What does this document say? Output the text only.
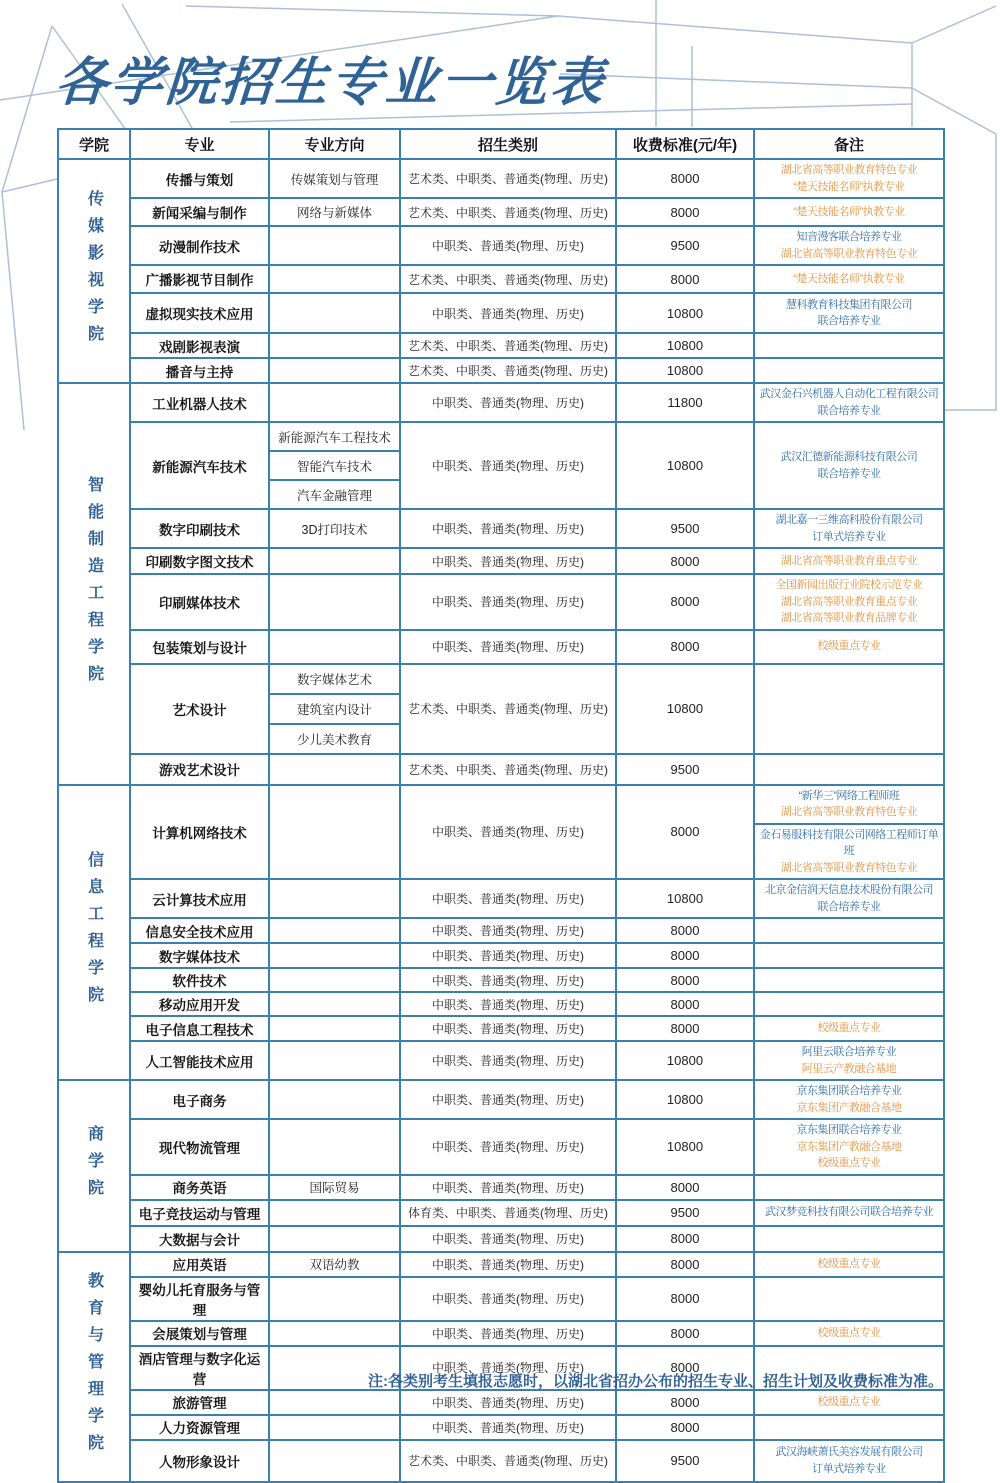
各学院招生专业一览表
学院	专业	专业方向	招生类别	收费标准(元/年)	备注
传媒影视学院	传播与策划	传媒策划与管理	艺术类、中职类、普通类(物理、历史)	8000	湖北省高等职业教育特色专业
“楚天技能名师”执教专业

	新闻采编与制作	网络与新媒体	艺术类、中职类、普通类(物理、历史)	8000	“楚天技能名师”执教专业

	动漫制作技术		中职类、普通类(物理、历史)	9500	知音漫客联合培养专业
湖北省高等职业教育特色专业

	广播影视节目制作		艺术类、中职类、普通类(物理、历史)	8000	“楚天技能名师”执教专业

	虚拟现实技术应用		中职类、普通类(物理、历史)	10800	慧科教育科技集团有限公司
联合培养专业

	戏剧影视表演		艺术类、中职类、普通类(物理、历史)	10800	
	播音与主持		艺术类、中职类、普通类(物理、历史)	10800	
智能制造工程学院	工业机器人技术		中职类、普通类(物理、历史)	11800	武汉金石兴机器人自动化工程有限公司
联合培养专业

	新能源汽车技术	新能源汽车工程技术	中职类、普通类(物理、历史)	10800	武汉汇德新能源科技有限公司
联合培养专业

		智能汽车技术			
		汽车金融管理			
	数字印刷技术	3D打印技术	中职类、普通类(物理、历史)	9500	湖北嘉一三维高科股份有限公司
订单式培养专业

	印刷数字图文技术		中职类、普通类(物理、历史)	8000	湖北省高等职业教育重点专业

	印刷媒体技术		中职类、普通类(物理、历史)	8000	全国新闻出版行业院校示范专业
湖北省高等职业教育重点专业
湖北省高等职业教育品牌专业

	包装策划与设计		中职类、普通类(物理、历史)	8000	校级重点专业

	艺术设计	数字媒体艺术	艺术类、中职类、普通类(物理、历史)	10800	
		建筑室内设计			
		少儿美术教育			
	游戏艺术设计		艺术类、中职类、普通类(物理、历史)	9500	
信息工程学院	计算机网络技术		中职类、普通类(物理、历史)	8000	“新华三”网络工程师班
湖北省高等职业教育特色专业

					金石易服科技有限公司网络工程师订单班
湖北省高等职业教育特色专业

	云计算技术应用		中职类、普通类(物理、历史)	10800	北京金信润天信息技术股份有限公司
联合培养专业

	信息安全技术应用		中职类、普通类(物理、历史)	8000	
	数字媒体技术		中职类、普通类(物理、历史)	8000	
	软件技术		中职类、普通类(物理、历史)	8000	
	移动应用开发		中职类、普通类(物理、历史)	8000	
	电子信息工程技术		中职类、普通类(物理、历史)	8000	校级重点专业

	人工智能技术应用		中职类、普通类(物理、历史)	10800	阿里云联合培养专业
阿里云产教融合基地

商学院	电子商务		中职类、普通类(物理、历史)	10800	京东集团联合培养专业
京东集团产教融合基地

	现代物流管理		中职类、普通类(物理、历史)	10800	京东集团联合培养专业
京东集团产教融合基地
校级重点专业

	商务英语	国际贸易	中职类、普通类(物理、历史)	8000	
	电子竞技运动与管理		体育类、中职类、普通类(物理、历史)	9500	武汉梦竞科技有限公司联合培养专业

	大数据与会计		中职类、普通类(物理、历史)	8000	
教育与管理学院	应用英语	双语幼教	中职类、普通类(物理、历史)	8000	校级重点专业

	婴幼儿托育服务与管理		中职类、普通类(物理、历史)	8000	
	会展策划与管理		中职类、普通类(物理、历史)	8000	校级重点专业

	酒店管理与数字化运营		中职类、普通类(物理、历史)	8000	
	旅游管理		中职类、普通类(物理、历史)	8000	校级重点专业

	人力资源管理		中职类、普通类(物理、历史)	8000	
	人物形象设计		艺术类、中职类、普通类(物理、历史)	9500	武汉海峡萧氏美容发展有限公司
订单式培养专业
注:各类别考生填报志愿时，以湖北省招办公布的招生专业、招生计划及收费标准为准。
